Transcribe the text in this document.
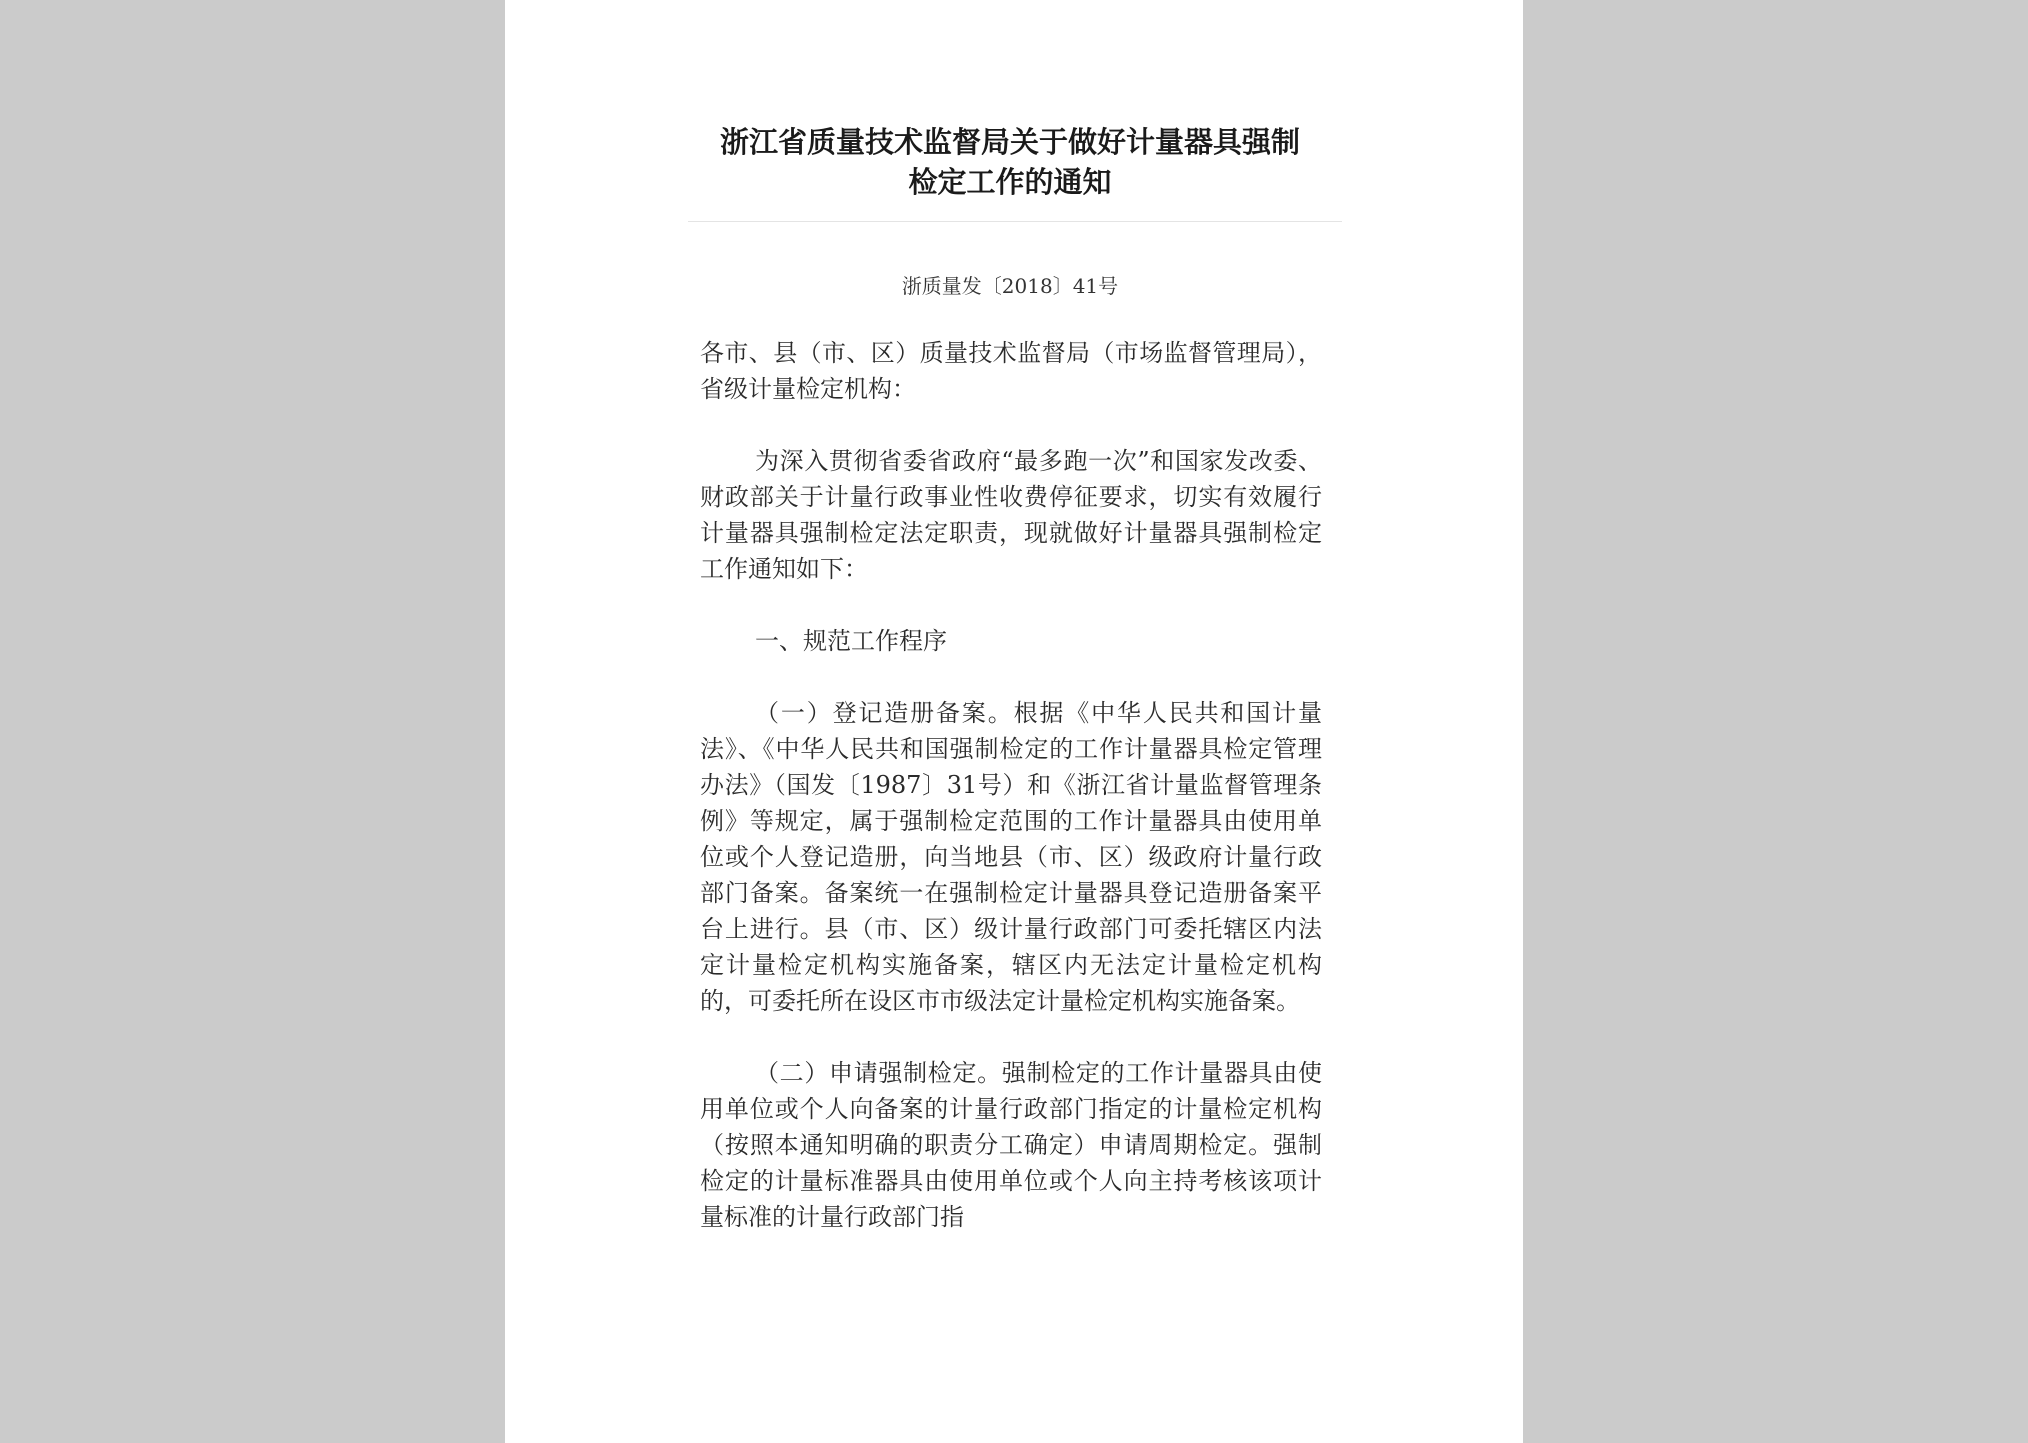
浙江省质量技术监督局关于做好计量器具强制
检定工作的通知
浙质量发〔2018〕41号

各市、县（市、区）质量技术监督局（市场监督管理局），省级计量检定机构：

为深入贯彻省委省政府“最多跑一次”和国家发改委、财政部关于计量行政事业性收费停征要求，切实有效履行计量器具强制检定法定职责，现就做好计量器具强制检定工作通知如下：

一、规范工作程序

（一）登记造册备案。根据《中华人民共和国计量法》、《中华人民共和国强制检定的工作计量器具检定管理办法》（国发〔1987〕31号）和《浙江省计量监督管理条例》等规定，属于强制检定范围的工作计量器具由使用单位或个人登记造册，向当地县（市、区）级政府计量行政部门备案。备案统一在强制检定计量器具登记造册备案平台上进行。县（市、区）级计量行政部门可委托辖区内法定计量检定机构实施备案，辖区内无法定计量检定机构的，可委托所在设区市市级法定计量检定机构实施备案。

（二）申请强制检定。强制检定的工作计量器具由使用单位或个人向备案的计量行政部门指定的计量检定机构（按照本通知明确的职责分工确定）申请周期检定。强制检定的计量标准器具由使用单位或个人向主持考核该项计量标准的计量行政部门指
